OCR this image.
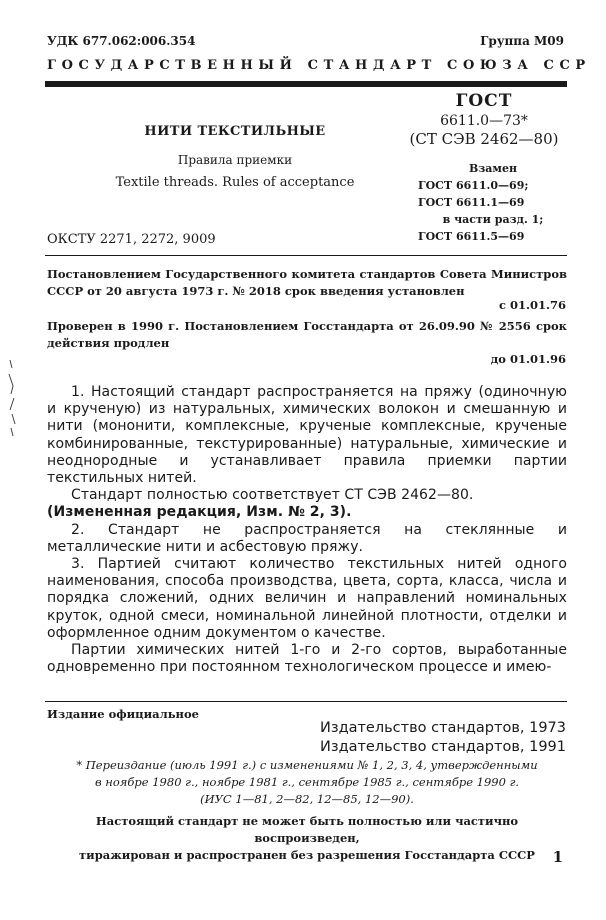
УДК 677.062:006.354	Группа М09
ГОСУДАРСТВЕННЫЙ СТАНДАРТ СОЮЗА ССР
ГОСТ
6611.0—73*
(СТ СЭВ 2462—80)
НИТИ ТЕКСТИЛЬНЫЕ
Правила приемки
Textile threads. Rules of acceptance
Взамен
ГОСТ 6611.0—69;
ГОСТ 6611.1—69
в части разд. 1;
ГОСТ 6611.5—69
ОКСТУ 2271, 2272, 9009
Постановлением Государственного комитета стандартов Совета Министров СССР от 20 августа 1973 г. № 2018 срок введения установлен
с 01.01.76
Проверен в 1990 г. Постановлением Госстандарта от 26.09.90 № 2556 срок действия продлен
до 01.01.96

1. Настоящий стандарт распространяется на пряжу (одиночную и крученую) из натуральных, химических волокон и смешанную и нити (мононити, комплексные, крученые комплексные, крученые комбинированные, текстурированные) натуральные, химические и неоднородные и устанавливает правила приемки партии текстильных нитей.

Стандарт полностью соответствует СТ СЭВ 2462—80.

(Измененная редакция, Изм. № 2, 3).

2. Стандарт не распространяется на стеклянные и металлические нити и асбестовую пряжу.

3. Партией считают количество текстильных нитей одного наименования, способа производства, цвета, сорта, класса, числа и порядка сложений, одних величин и направлений номинальных круток, одной смеси, номинальной линейной плотности, отделки и оформленное одним документом о качестве.

Партии химических нитей 1-го и 2-го сортов, выработанные одновременно при постоянном технологическом процессе и имею-

Издание официальное
Издательство стандартов, 1973
Издательство стандартов, 1991
* Переиздание (июль 1991 г.) с изменениями № 1, 2, 3, 4, утвержденными
в ноябре 1980 г., ноябре 1981 г., сентябре 1985 г., сентябре 1990 г.
(ИУС 1—81, 2—82, 12—85, 12—90).
Настоящий стандарт не может быть полностью или частично воспроизведен,
тиражирован и распространен без разрешения Госстандарта СССР	1
